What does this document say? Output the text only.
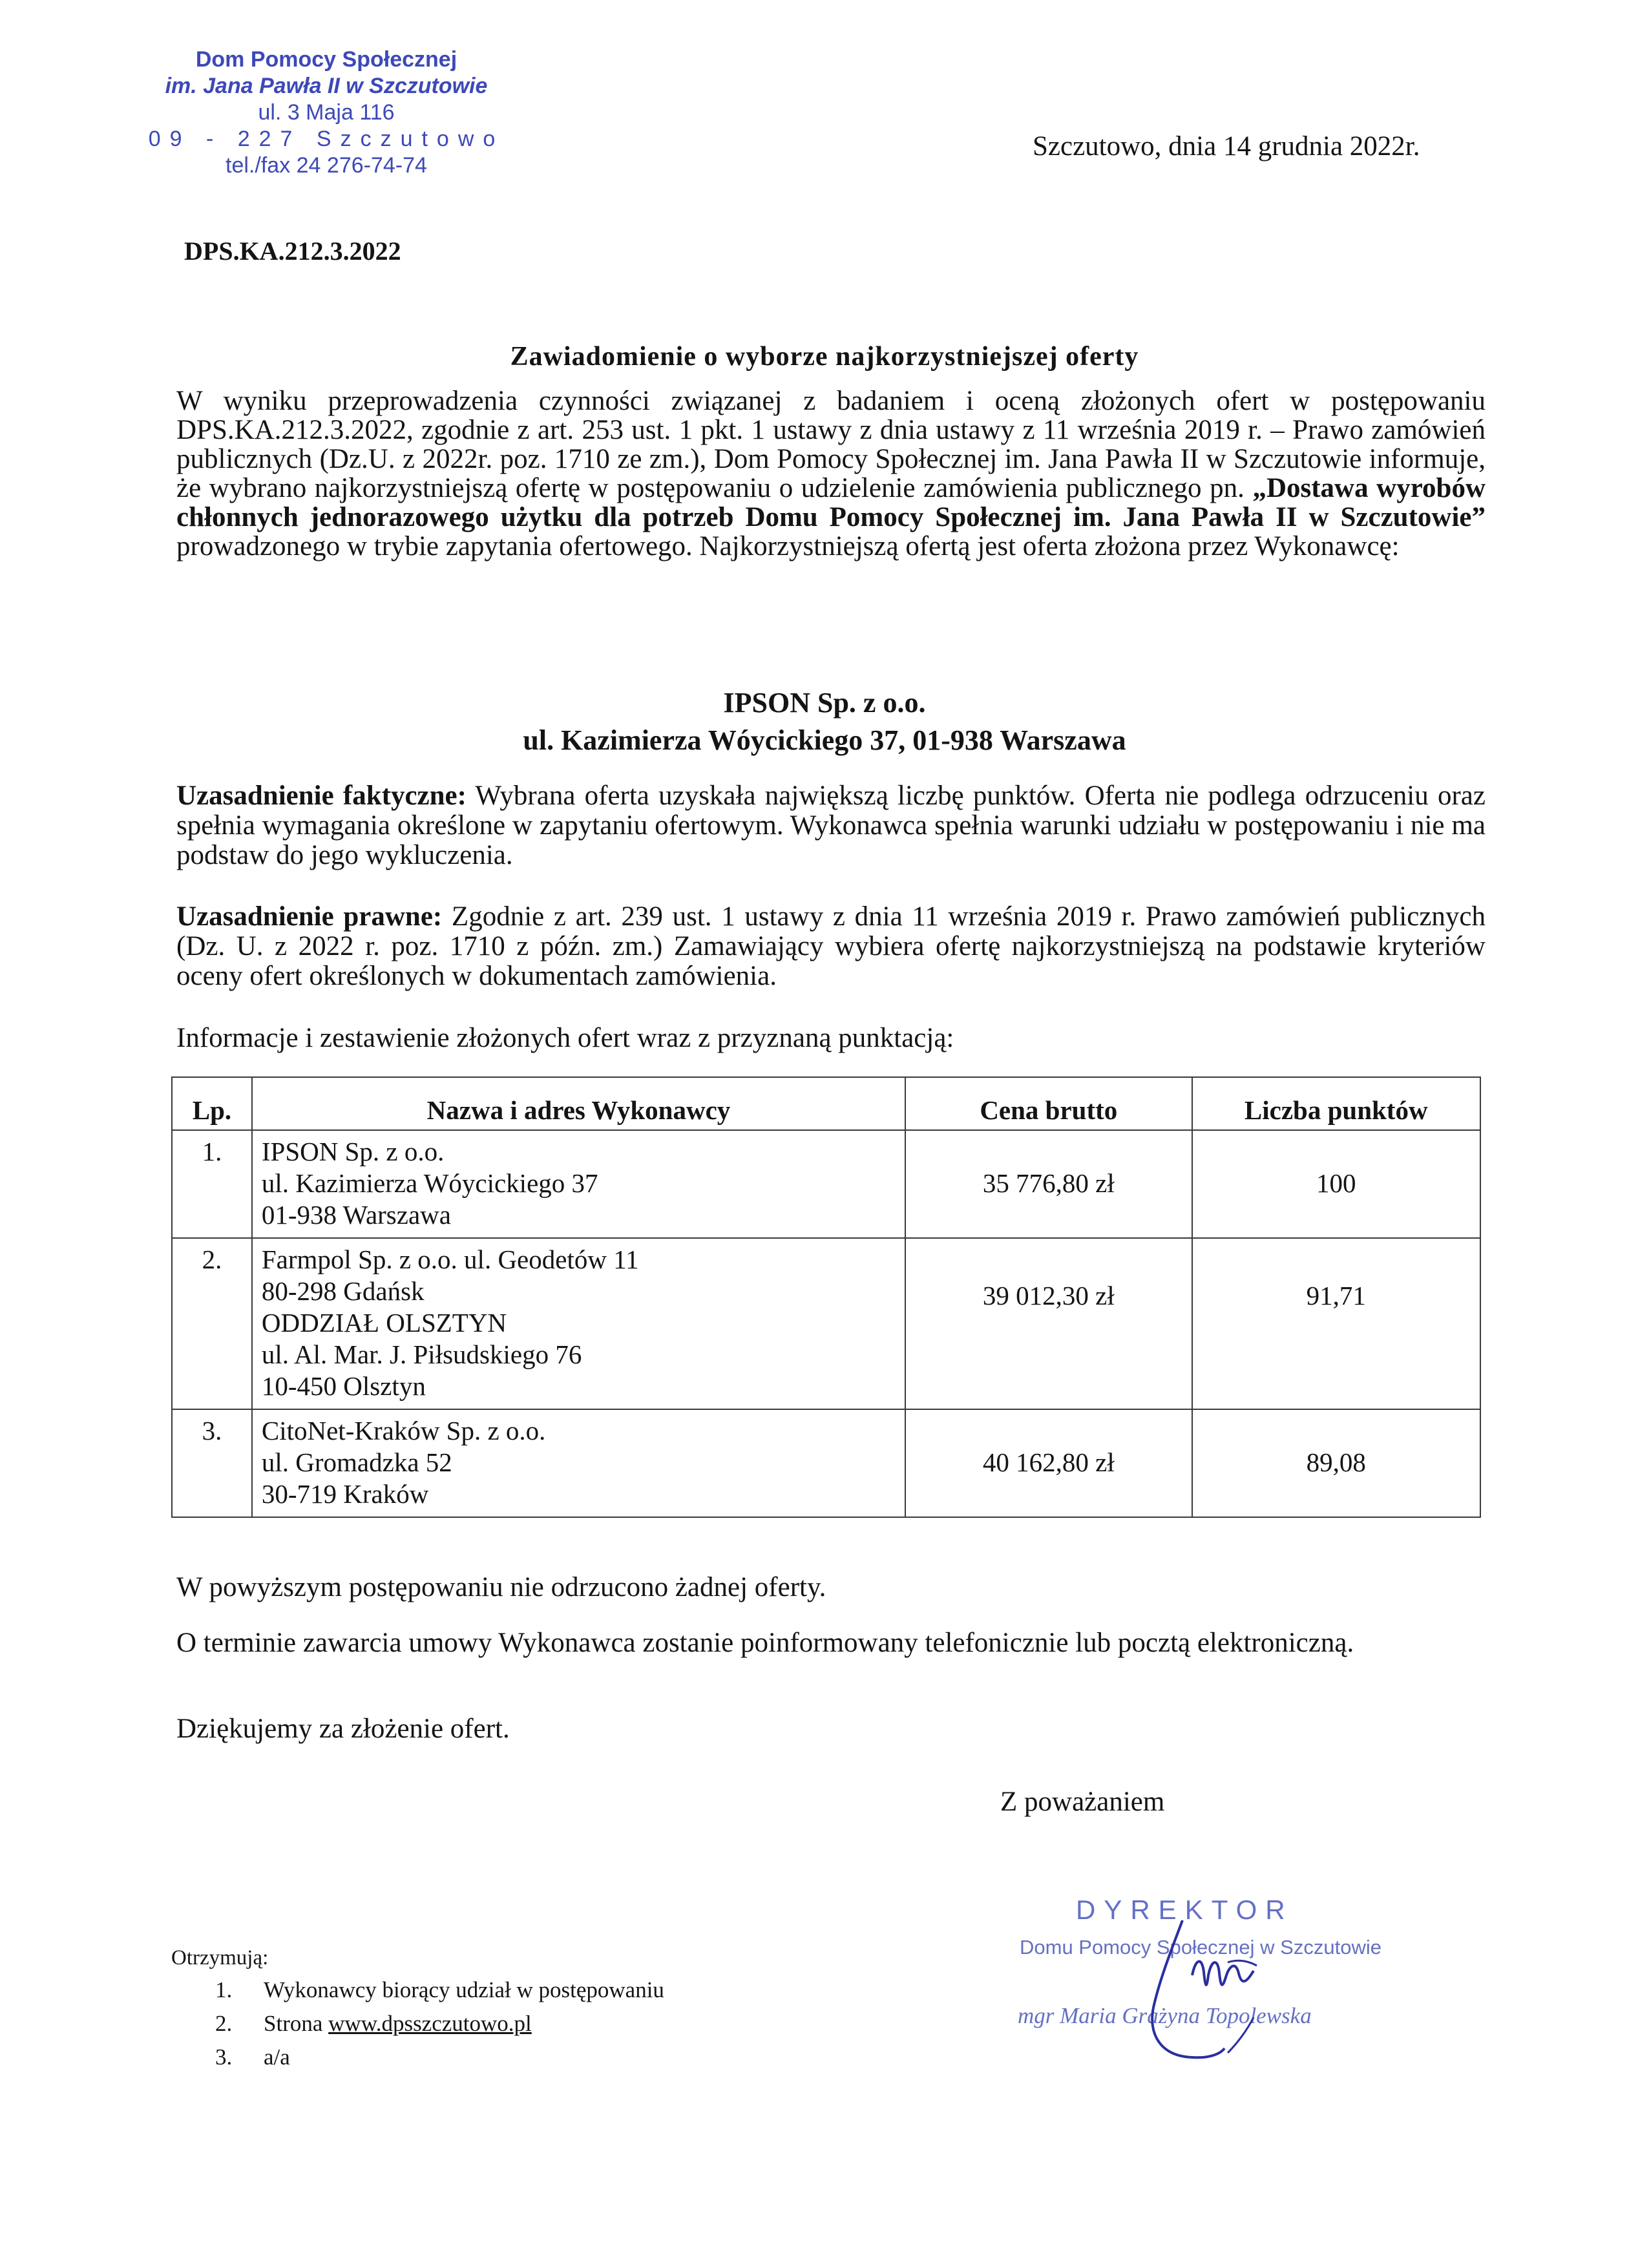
Dom Pomocy Społecznej
im. Jana Pawła II w Szczutowie
ul. 3 Maja 116
09 - 227 Szczutowo
tel./fax 24 276-74-74
Szczutowo, dnia 14 grudnia 2022r.
DPS.KA.212.3.2022
Zawiadomienie o wyborze najkorzystniejszej oferty
W wyniku przeprowadzenia czynności związanej z badaniem i oceną złożonych ofert w postępowaniu DPS.KA.212.3.2022, zgodnie z art. 253 ust. 1 pkt. 1 ustawy z dnia ustawy z 11 września 2019 r. – Prawo zamówień publicznych (Dz.U. z 2022r. poz. 1710 ze zm.), Dom Pomocy Społecznej im. Jana Pawła II w Szczutowie informuje, że wybrano najkorzystniejszą ofertę w postępowaniu o udzielenie zamówienia publicznego pn. „Dostawa wyrobów chłonnych jednorazowego użytku dla potrzeb Domu Pomocy Społecznej im. Jana Pawła II w Szczutowie” prowadzonego w trybie zapytania ofertowego. Najkorzystniejszą ofertą jest oferta złożona przez Wykonawcę:
IPSON Sp. z o.o.
ul. Kazimierza Wóycickiego 37, 01-938 Warszawa
Uzasadnienie faktyczne: Wybrana oferta uzyskała największą liczbę punktów. Oferta nie podlega odrzuceniu oraz spełnia wymagania określone w zapytaniu ofertowym. Wykonawca spełnia warunki udziału w postępowaniu i nie ma podstaw do jego wykluczenia.
Uzasadnienie prawne: Zgodnie z art. 239 ust. 1 ustawy z dnia 11 września 2019 r. Prawo zamówień publicznych (Dz. U. z 2022 r. poz. 1710 z późn. zm.) Zamawiający wybiera ofertę najkorzystniejszą na podstawie kryteriów oceny ofert określonych w dokumentach zamówienia.
Informacje i zestawienie złożonych ofert wraz z przyznaną punktacją:
Lp.	Nazwa i adres Wykonawcy	Cena brutto	Liczba punktów
1.	IPSON Sp. z o.o.
ul. Kazimierza Wóycickiego 37
01-938 Warszawa	35 776,80 zł	100
2.	Farmpol Sp. z o.o. ul. Geodetów 11
80-298 Gdańsk
ODDZIAŁ OLSZTYN
ul. Al. Mar. J. Piłsudskiego 76
10-450 Olsztyn	39 012,30 zł	91,71
3.	CitoNet-Kraków Sp. z o.o.
ul. Gromadzka 52
30-719 Kraków	40 162,80 zł	89,08
W powyższym postępowaniu nie odrzucono żadnej oferty.
O terminie zawarcia umowy Wykonawca zostanie poinformowany telefonicznie lub pocztą elektroniczną.
Dziękujemy za złożenie ofert.
Z poważaniem
DYREKTOR
Domu Pomocy Społecznej w Szczutowie
mgr Maria Grażyna Topolewska
Otrzymują:
1. Wykonawcy biorący udział w postępowaniu
2. Strona www.dpsszczutowo.pl
3. a/a
